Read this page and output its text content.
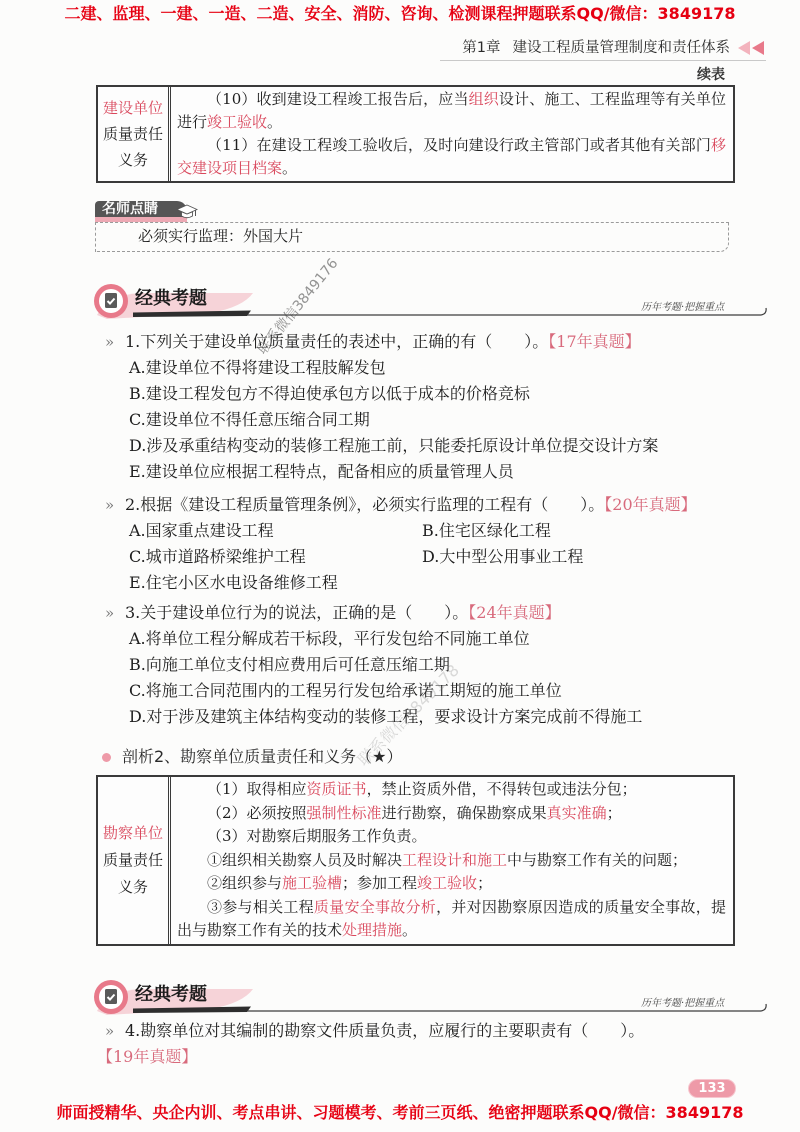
二建、监理、一建、一造、二造、安全、消防、咨询、检测课程押题联系QQ/微信：3849178
第1章 建设工程质量管理制度和责任体系
续表
建设单位
质量责任
义务

（10）收到建设工程竣工报告后，应当组织设计、施工、工程监理等有关单位进行竣工验收。

（11）在建设工程竣工验收后，及时向建设行政主管部门或者其他有关部门移交建设项目档案。

名师点睛
必须实行监理：外国大片
经典考题	历年考题·把握重点
»
1.下列关于建设单位质量责任的表述中，正确的有（　　）。【17年真题】
A.建设单位不得将建设工程肢解发包
B.建设工程发包方不得迫使承包方以低于成本的价格竞标
C.建设单位不得任意压缩合同工期
D.涉及承重结构变动的装修工程施工前，只能委托原设计单位提交设计方案
E.建设单位应根据工程特点，配备相应的质量管理人员
»
2.根据《建设工程质量管理条例》，必须实行监理的工程有（　　）。【20年真题】
A.国家重点建设工程	B.住宅区绿化工程
C.城市道路桥梁维护工程	D.大中型公用事业工程
E.住宅小区水电设备维修工程
»
3.关于建设单位行为的说法，正确的是（　　）。【24年真题】
A.将单位工程分解成若干标段，平行发包给不同施工单位
B.向施工单位支付相应费用后可任意压缩工期
C.将施工合同范围内的工程另行发包给承诺工期短的施工单位
D.对于涉及建筑主体结构变动的装修工程，要求设计方案完成前不得施工
剖析2、勘察单位质量责任和义务（★）
勘察单位
质量责任
义务

（1）取得相应资质证书，禁止资质外借，不得转包或违法分包；

（2）必须按照强制性标准进行勘察，确保勘察成果真实准确；

（3）对勘察后期服务工作负责。

①组织相关勘察人员及时解决工程设计和施工中与勘察工作有关的问题；

②组织参与施工验槽；参加工程竣工验收；

③参与相关工程质量安全事故分析，并对因勘察原因造成的质量安全事故，提出与勘察工作有关的技术处理措施。

经典考题	历年考题·把握重点
»
4.勘察单位对其编制的勘察文件质量负责，应履行的主要职责有（　　）。【19年真题】
133
师面授精华、央企内训、考点串讲、习题模考、考前三页纸、绝密押题联系QQ/微信：3849178
联系微信3849176
联系微信3849178
